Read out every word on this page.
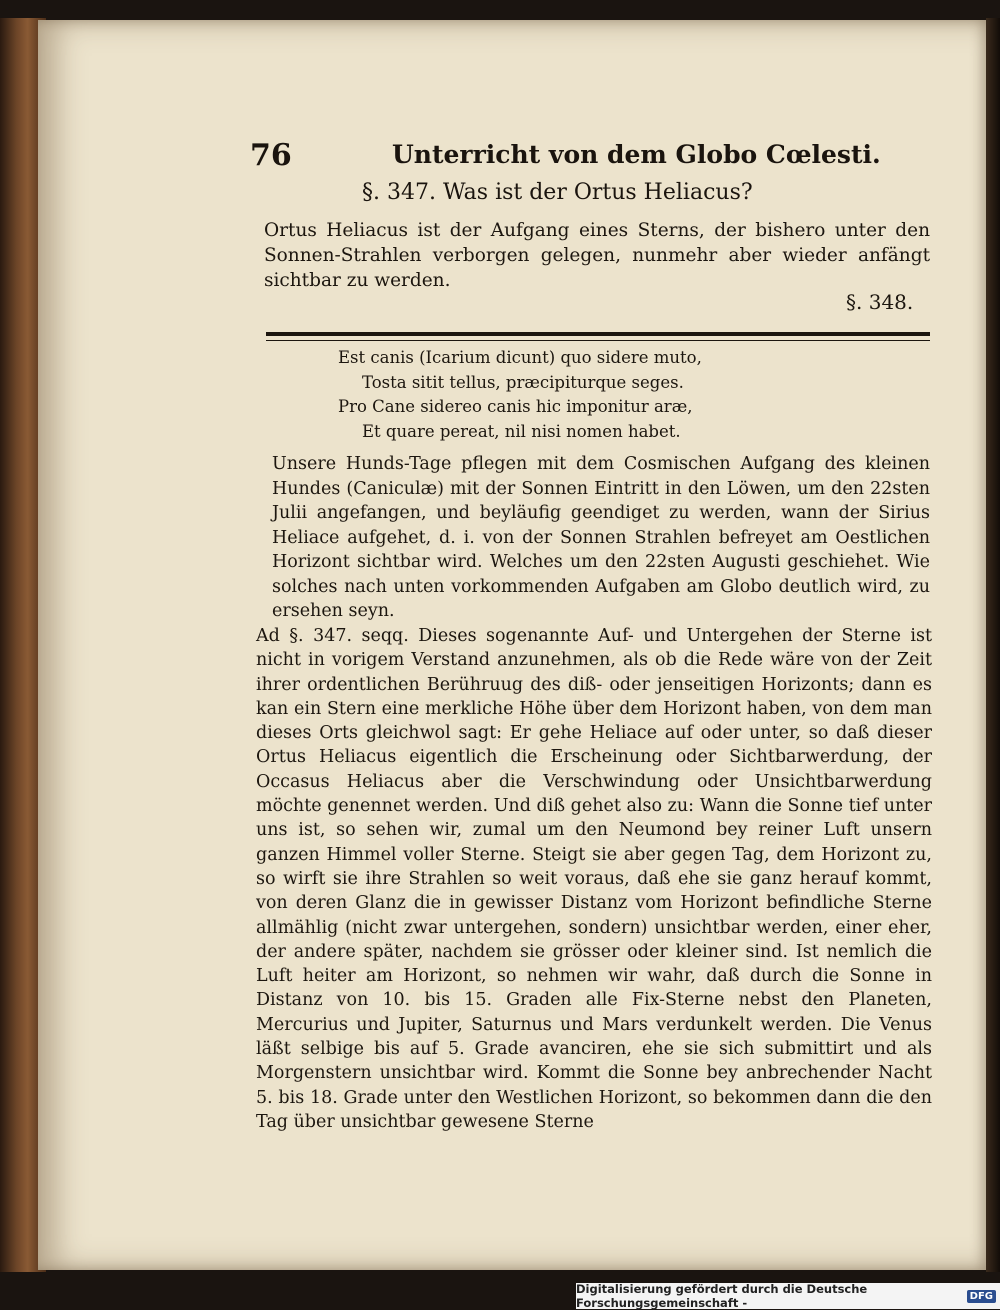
76	Unterricht von dem Globo Cœlesti.
§. 347. Was ist der Ortus Heliacus?

Ortus Heliacus ist der Aufgang eines Sterns, der bishero unter den Sonnen-Strahlen verborgen gelegen, nunmehr aber wieder anfängt sichtbar zu werden.

§. 348.
Est canis (Icarium dicunt) quo sidere muto,
Tosta sitit tellus, præcipiturque seges.
Pro Cane sidereo canis hic imponitur aræ,
Et quare pereat, nil nisi nomen habet.

Unsere Hunds-Tage pflegen mit dem Cosmischen Aufgang des kleinen Hundes (Caniculæ) mit der Sonnen Eintritt in den Löwen, um den 22sten Julii angefangen, und beyläufig geendiget zu werden, wann der Sirius Heliace aufgehet, d. i. von der Sonnen Strahlen befreyet am Oestlichen Horizont sichtbar wird. Welches um den 22sten Augusti geschiehet. Wie solches nach unten vorkommenden Aufgaben am Globo deutlich wird, zu ersehen seyn.

Ad §. 347. seqq. Dieses sogenannte Auf- und Untergehen der Sterne ist nicht in vorigem Verstand anzunehmen, als ob die Rede wäre von der Zeit ihrer ordentlichen Berühruug des diß- oder jenseitigen Horizonts; dann es kan ein Stern eine merkliche Höhe über dem Horizont haben, von dem man dieses Orts gleichwol sagt: Er gehe Heliace auf oder unter, so daß dieser Ortus Heliacus eigentlich die Erscheinung oder Sichtbarwerdung, der Occasus Heliacus aber die Verschwindung oder Unsichtbarwerdung möchte genennet werden. Und diß gehet also zu: Wann die Sonne tief unter uns ist, so sehen wir, zumal um den Neumond bey reiner Luft unsern ganzen Himmel voller Sterne. Steigt sie aber gegen Tag, dem Horizont zu, so wirft sie ihre Strahlen so weit voraus, daß ehe sie ganz herauf kommt, von deren Glanz die in gewisser Distanz vom Horizont befindliche Sterne allmählig (nicht zwar untergehen, sondern) unsichtbar werden, einer eher, der andere später, nachdem sie grösser oder kleiner sind. Ist nemlich die Luft heiter am Horizont, so nehmen wir wahr, daß durch die Sonne in Distanz von 10. bis 15. Graden alle Fix-Sterne nebst den Planeten, Mercurius und Jupiter, Saturnus und Mars verdunkelt werden. Die Venus läßt selbige bis auf 5. Grade avanciren, ehe sie sich submittirt und als Morgenstern unsichtbar wird. Kommt die Sonne bey anbrechender Nacht 5. bis 18. Grade unter den Westlichen Horizont, so bekommen dann die den Tag über unsichtbar gewesene Sterne

Digitalisierung gefördert durch die Deutsche Forschungsgemeinschaft -	DFG
